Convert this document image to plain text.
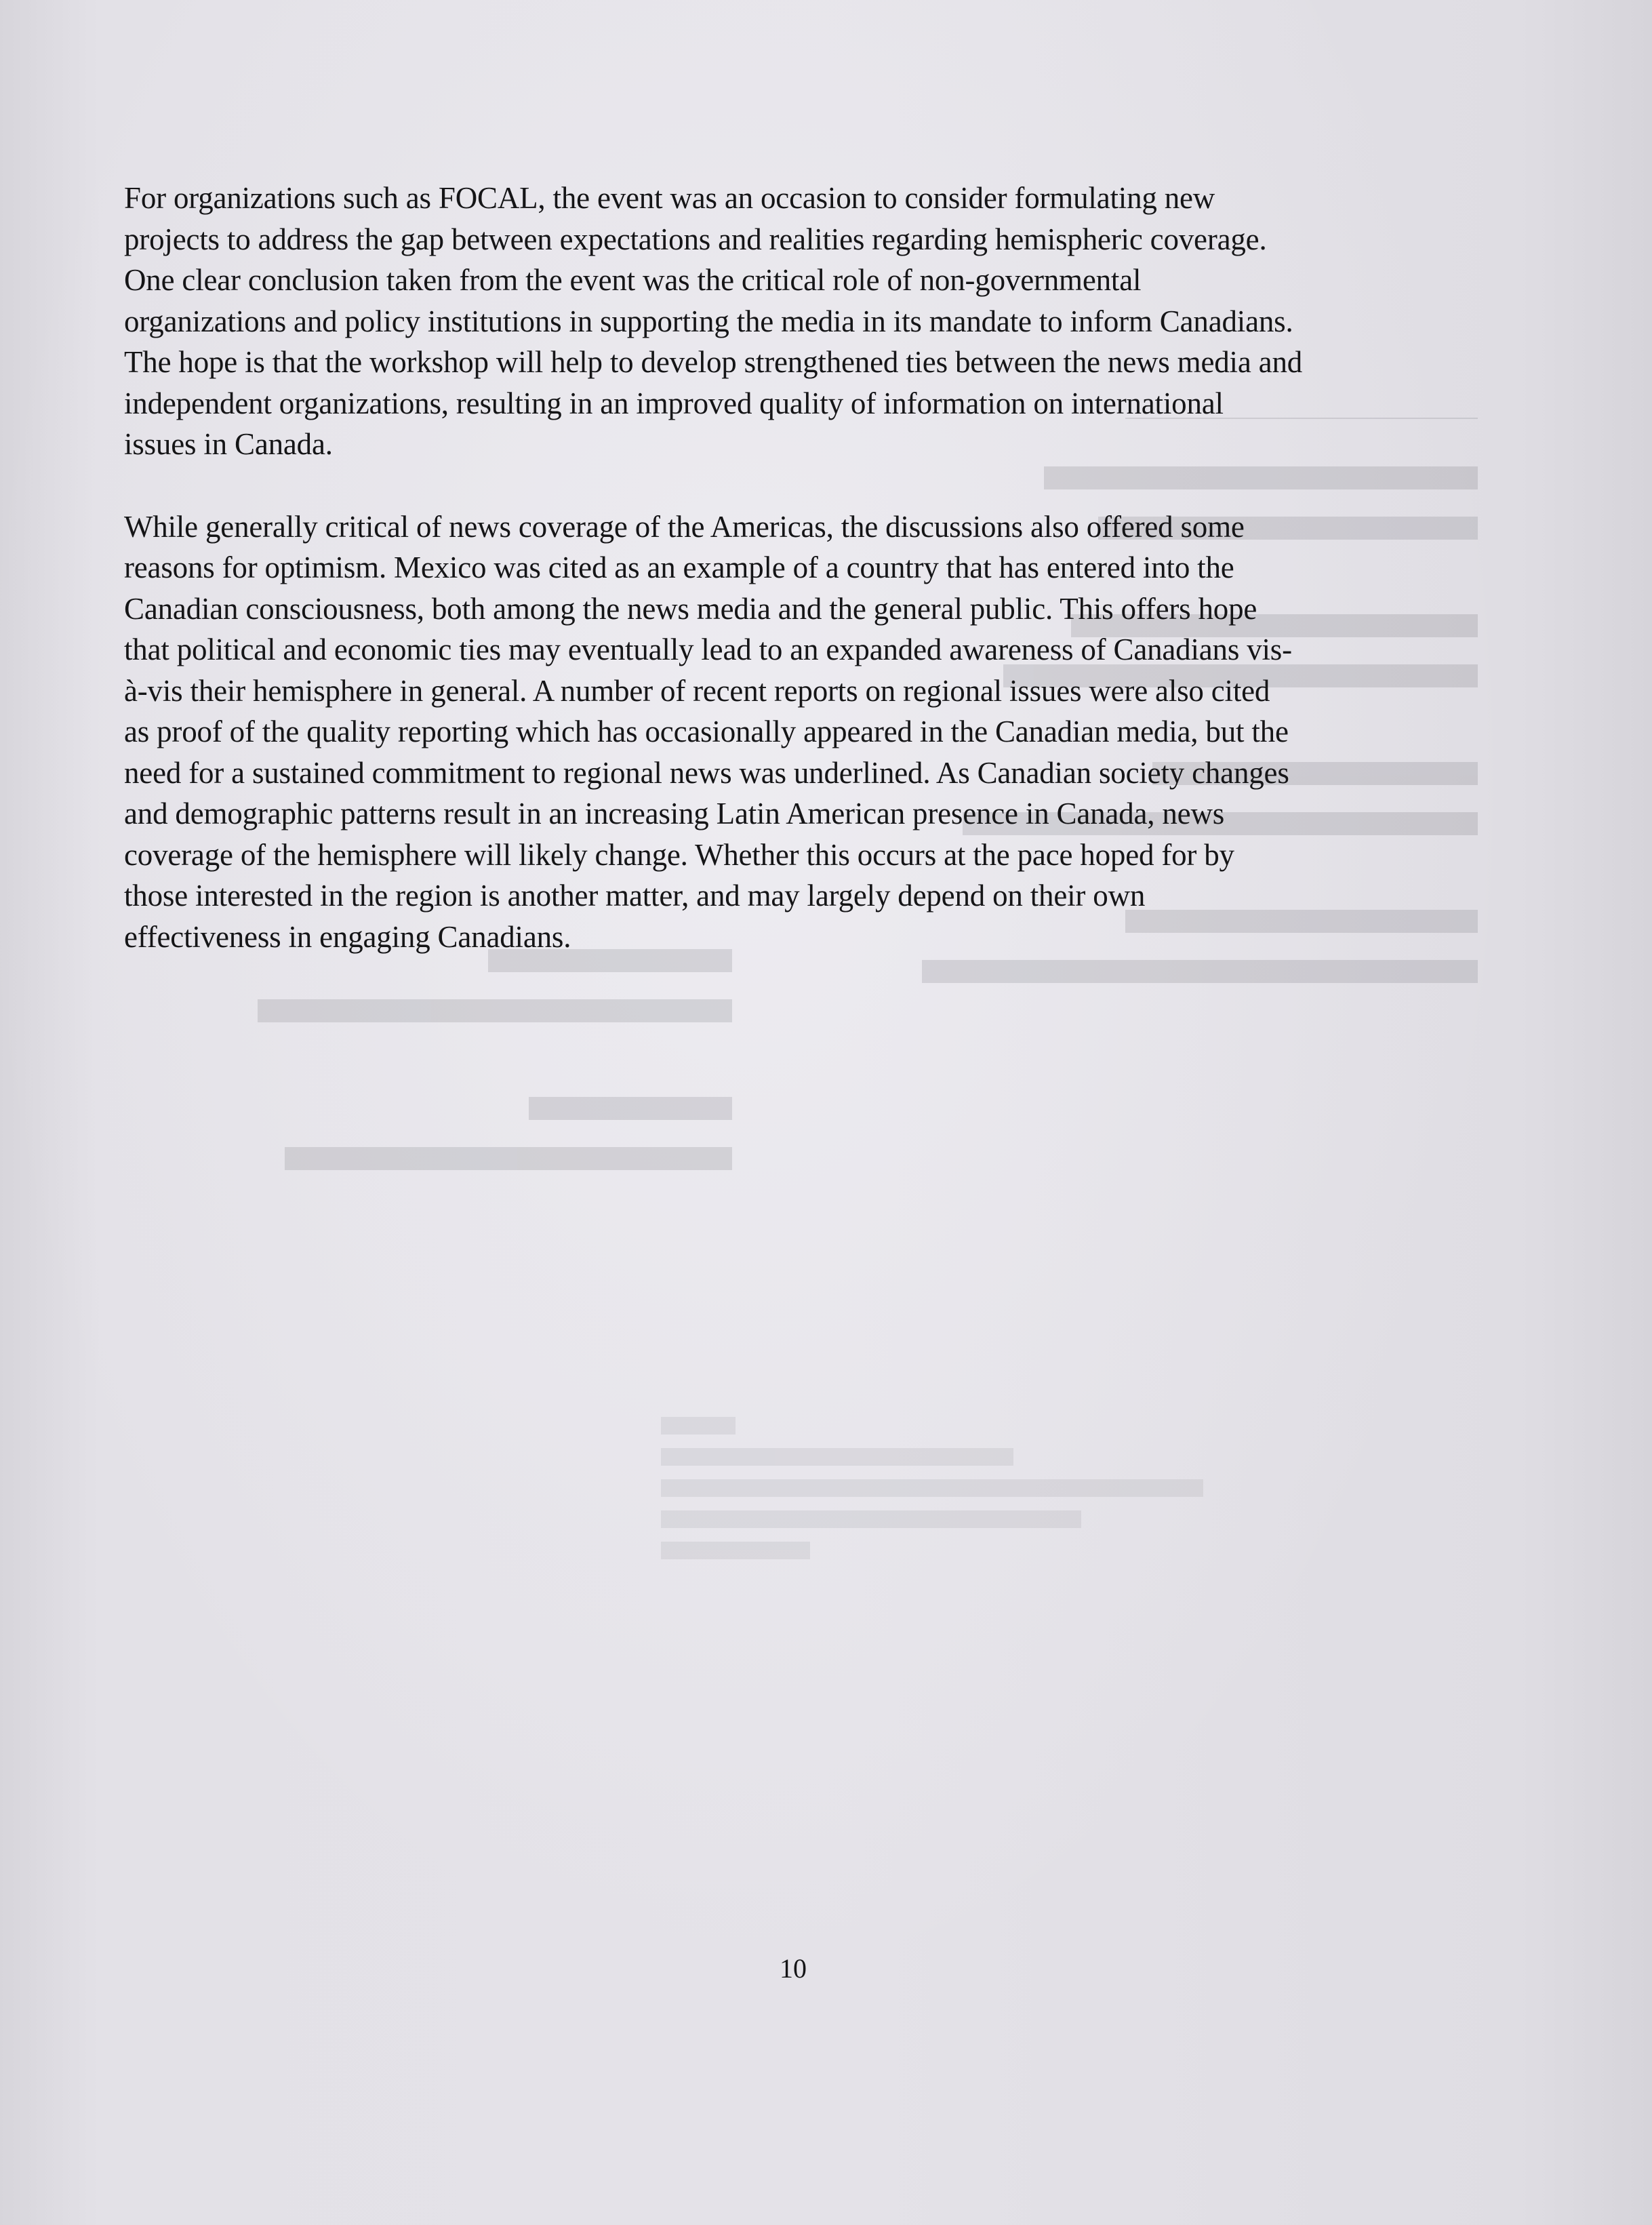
For organizations such as FOCAL, the event was an occasion to consider formulating new
projects to address the gap between expectations and realities regarding hemispheric coverage.
One clear conclusion taken from the event was the critical role of non-governmental
organizations and policy institutions in supporting the media in its mandate to inform Canadians.
The hope is that the workshop will help to develop strengthened ties between the news media and
independent organizations, resulting in an improved quality of information on international
issues in Canada.

While generally critical of news coverage of the Americas, the discussions also offered some
reasons for optimism. Mexico was cited as an example of a country that has entered into the
Canadian consciousness, both among the news media and the general public. This offers hope
that political and economic ties may eventually lead to an expanded awareness of Canadians vis-
à-vis their hemisphere in general. A number of recent reports on regional issues were also cited
as proof of the quality reporting which has occasionally appeared in the Canadian media, but the
need for a sustained commitment to regional news was underlined. As Canadian society changes
and demographic patterns result in an increasing Latin American presence in Canada, news
coverage of the hemisphere will likely change. Whether this occurs at the pace hoped for by
those interested in the region is another matter, and may largely depend on their own
effectiveness in engaging Canadians.

10
